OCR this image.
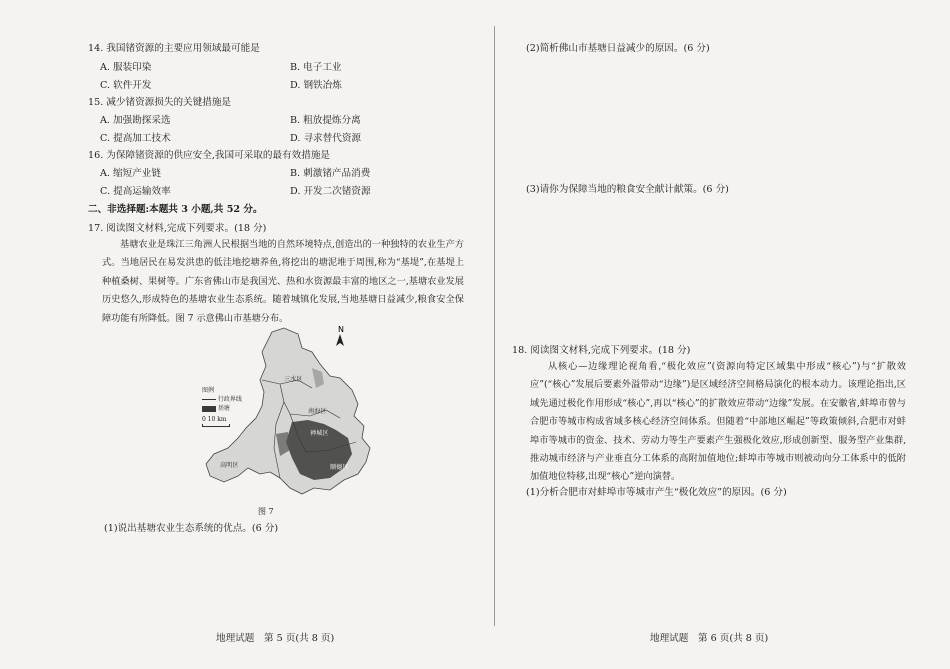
14. 我国锗资源的主要应用领域最可能是
A. 服装印染	B. 电子工业
C. 软件开发	D. 钢铁冶炼
15. 减少锗资源损失的关键措施是
A. 加强勘探采选	B. 粗放提炼分离
C. 提高加工技术	D. 寻求替代资源
16. 为保障锗资源的供应安全,我国可采取的最有效措施是
A. 缩短产业链	B. 刺激锗产品消费
C. 提高运输效率	D. 开发二次锗资源
二、非选择题:本题共 3 小题,共 52 分。
17. 阅读图文材料,完成下列要求。(18 分)
基塘农业是珠江三角洲人民根据当地的自然环境特点,创造出的一种独特的农业生产方式。当地居民在易发洪患的低洼地挖塘养鱼,将挖出的塘泥堆于周围,称为“基堤”,在基堤上种植桑树、果树等。广东省佛山市是我国光、热和水资源最丰富的地区之一,基塘农业发展历史悠久,形成特色的基塘农业生态系统。随着城镇化发展,当地基塘日益减少,粮食安全保障功能有所降低。图 7 示意佛山市基塘分布。
N
图例
行政界线
基塘
0 10 km
三水区
南海区
禅城区
高明区	顺德区
图 7
(1)说出基塘农业生态系统的优点。(6 分)
地理试题　第 5 页(共 8 页)
(2)简析佛山市基塘日益减少的原因。(6 分)
(3)请你为保障当地的粮食安全献计献策。(6 分)
18. 阅读图文材料,完成下列要求。(18 分)
从核心—边缘理论视角看,“极化效应”(资源向特定区域集中形成“核心”)与“扩散效应”(“核心”发展后要素外溢带动“边缘”)是区域经济空间格局演化的根本动力。该理论指出,区域先通过极化作用形成“核心”,再以“核心”的扩散效应带动“边缘”发展。在安徽省,蚌埠市曾与合肥市等城市构成省域多核心经济空间体系。但随着“中部地区崛起”等政策倾斜,合肥市对蚌埠市等城市的资金、技术、劳动力等生产要素产生强极化效应,形成创新型、服务型产业集群,推动城市经济与产业垂直分工体系的高附加值地位;蚌埠市等城市则被动向分工体系中的低附加值地位特移,出现“核心”逆向演替。
(1)分析合肥市对蚌埠市等城市产生“极化效应”的原因。(6 分)
地理试题　第 6 页(共 8 页)
